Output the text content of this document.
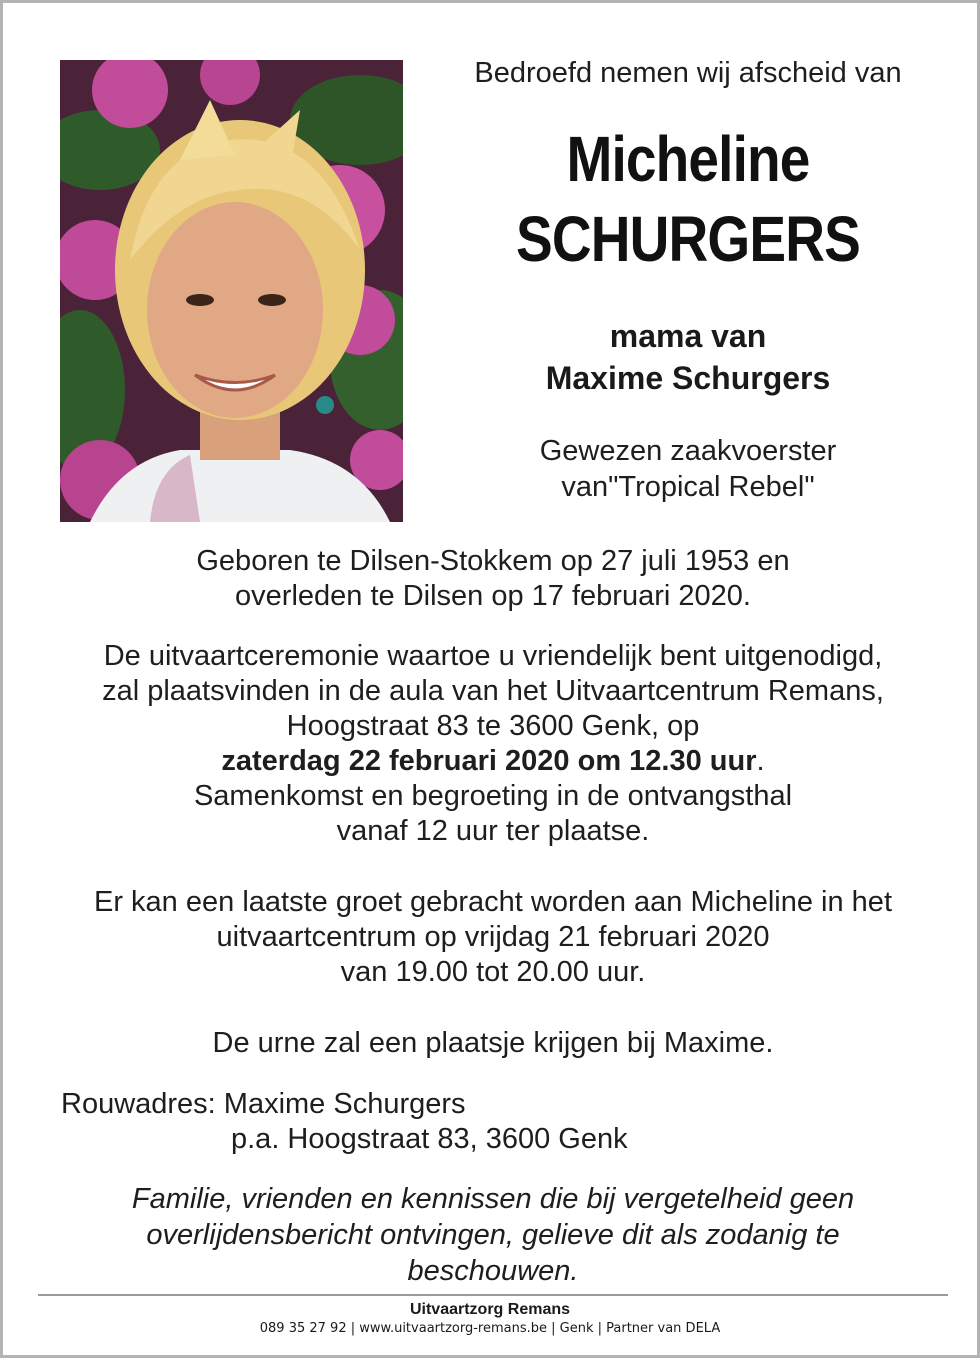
Bedroefd nemen wij afscheid van
Micheline
SCHURGERS
mama van
Maxime Schurgers
Gewezen zaakvoerster
van"Tropical Rebel"
Geboren te Dilsen-Stokkem op 27 juli 1953 en
overleden te Dilsen op 17 februari 2020.
De uitvaartceremonie waartoe u vriendelijk bent uitgenodigd,
zal plaatsvinden in de aula van het Uitvaartcentrum Remans,
Hoogstraat 83 te 3600 Genk, op
zaterdag 22 februari 2020 om 12.30 uur.
Samenkomst en begroeting in de ontvangsthal
vanaf 12 uur ter plaatse.
Er kan een laatste groet gebracht worden aan Micheline in het
uitvaartcentrum op vrijdag 21 februari 2020
van 19.00 tot 20.00 uur.
De urne zal een plaatsje krijgen bij Maxime.
Rouwadres: Maxime Schurgers
p.a. Hoogstraat 83, 3600 Genk
Familie, vrienden en kennissen die bij vergetelheid geen
overlijdensbericht ontvingen, gelieve dit als zodanig te
beschouwen.
Uitvaartzorg Remans
089 35 27 92 | www.uitvaartzorg-remans.be | Genk | Partner van DELA
